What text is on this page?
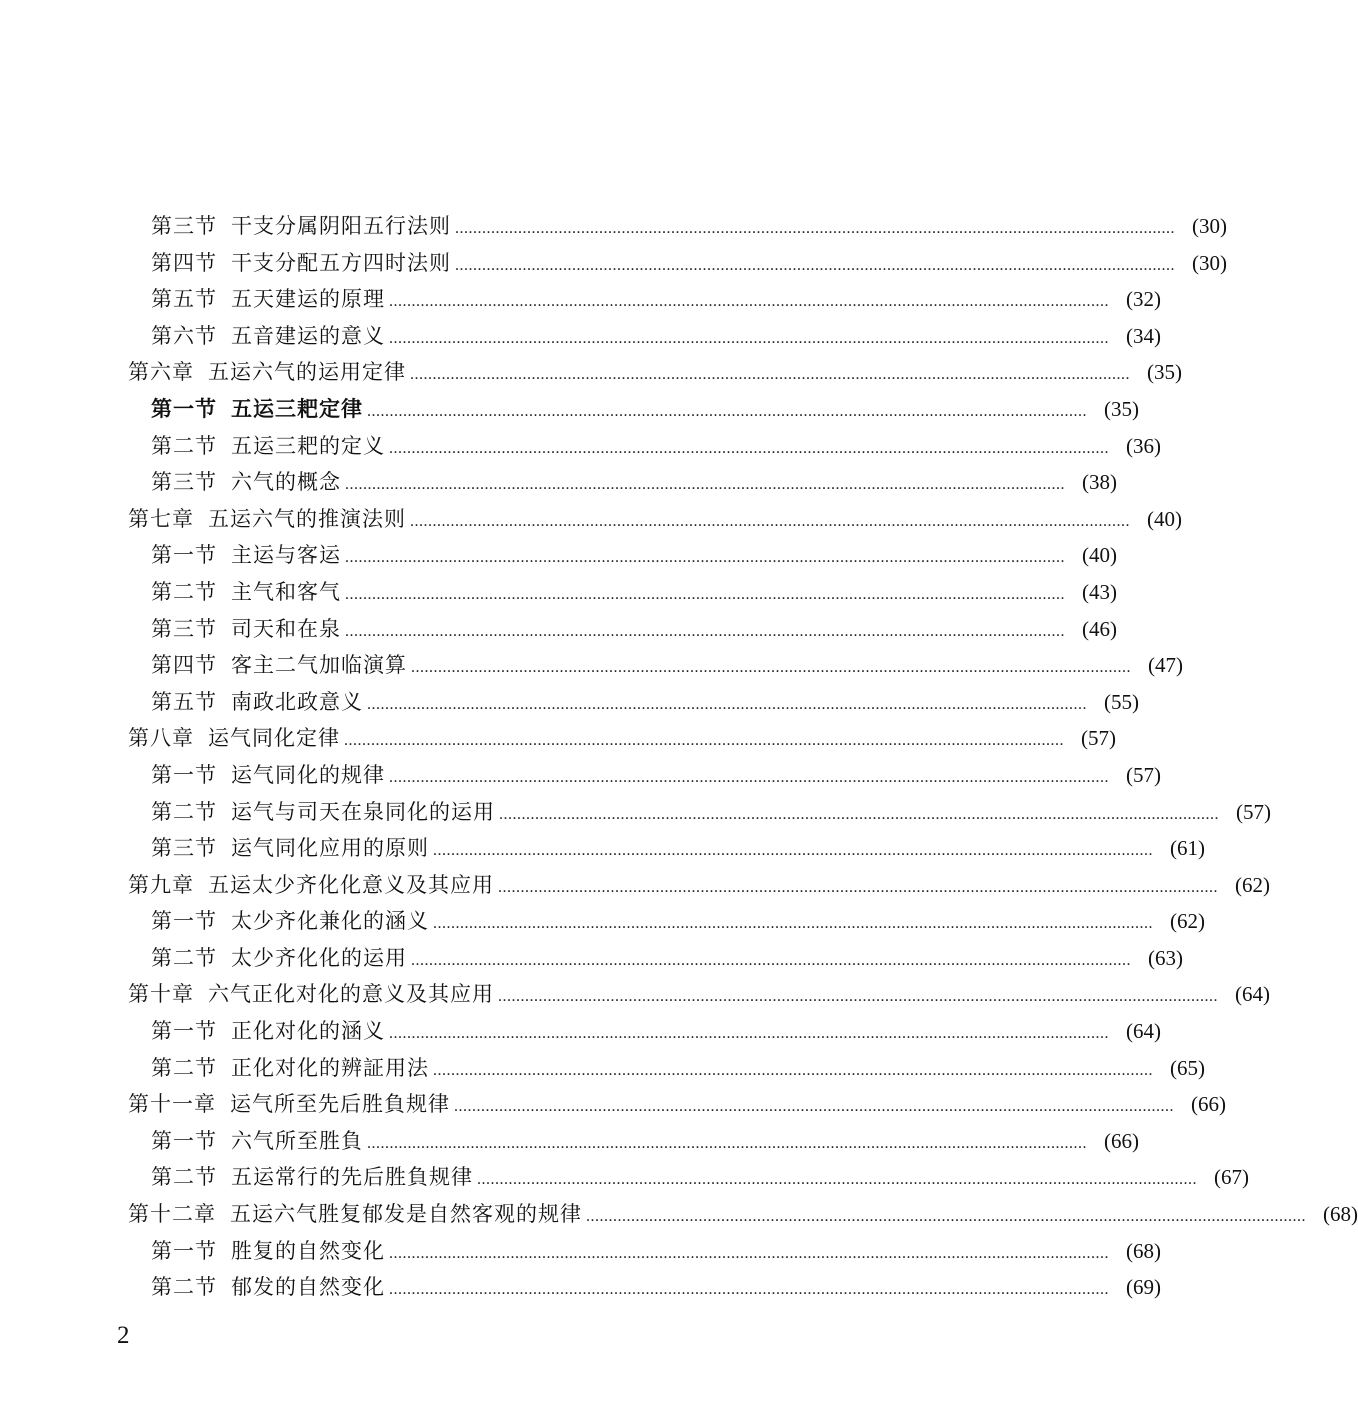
第三节 干支分属阴阳五行法则 ................................................................................................................................................................ (30)
第四节 干支分配五方四时法则 ................................................................................................................................................................ (30)
第五节 五天建运的原理 ................................................................................................................................................................ (32)
第六节 五音建运的意义 ................................................................................................................................................................ (34)
第六章 五运六气的运用定律 ................................................................................................................................................................ (35)
第一节 五运三耙定律 ................................................................................................................................................................ (35)
第二节 五运三耙的定义 ................................................................................................................................................................ (36)
第三节 六气的概念 ................................................................................................................................................................ (38)
第七章 五运六气的推演法则 ................................................................................................................................................................ (40)
第一节 主运与客运 ................................................................................................................................................................ (40)
第二节 主气和客气 ................................................................................................................................................................ (43)
第三节 司天和在泉 ................................................................................................................................................................ (46)
第四节 客主二气加临演算 ................................................................................................................................................................ (47)
第五节 南政北政意义 ................................................................................................................................................................ (55)
第八章 运气同化定律 ................................................................................................................................................................ (57)
第一节 运气同化的规律 ................................................................................................................................................................ (57)
第二节 运气与司天在泉同化的运用 ................................................................................................................................................................ (57)
第三节 运气同化应用的原则 ................................................................................................................................................................ (61)
第九章 五运太少齐化化意义及其应用 ................................................................................................................................................................ (62)
第一节 太少齐化兼化的涵义 ................................................................................................................................................................ (62)
第二节 太少齐化化的运用 ................................................................................................................................................................ (63)
第十章 六气正化对化的意义及其应用 ................................................................................................................................................................ (64)
第一节 正化对化的涵义 ................................................................................................................................................................ (64)
第二节 正化对化的辨証用法 ................................................................................................................................................................ (65)
第十一章 运气所至先后胜負规律 ................................................................................................................................................................ (66)
第一节 六气所至胜負 ................................................................................................................................................................ (66)
第二节 五运常行的先后胜負规律 ................................................................................................................................................................ (67)
第十二章 五运六气胜复郁发是自然客观的规律 ................................................................................................................................................................ (68)
第一节 胜复的自然变化 ................................................................................................................................................................ (68)
第二节 郁发的自然变化 ................................................................................................................................................................ (69)
2
